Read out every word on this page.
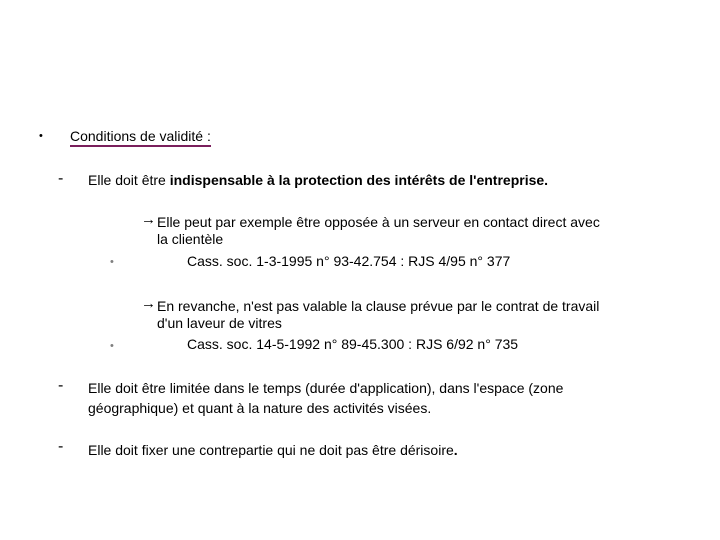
• Conditions de validité :
- Elle doit être indispensable à la protection des intérêts de l'entreprise.
→ Elle peut par exemple être opposée à un serveur en contact direct avec
la clientèle
•	Cass. soc. 1-3-1995 n° 93-42.754 : RJS 4/95 n° 377
→ En revanche, n'est pas valable la clause prévue par le contrat de travail
d'un laveur de vitres
•	Cass. soc. 14-5-1992 n° 89-45.300 : RJS 6/92 n° 735
- Elle doit être limitée dans le temps (durée d'application), dans l'espace (zone
géographique) et quant à la nature des activités visées.
- Elle doit fixer une contrepartie qui ne doit pas être dérisoire.
